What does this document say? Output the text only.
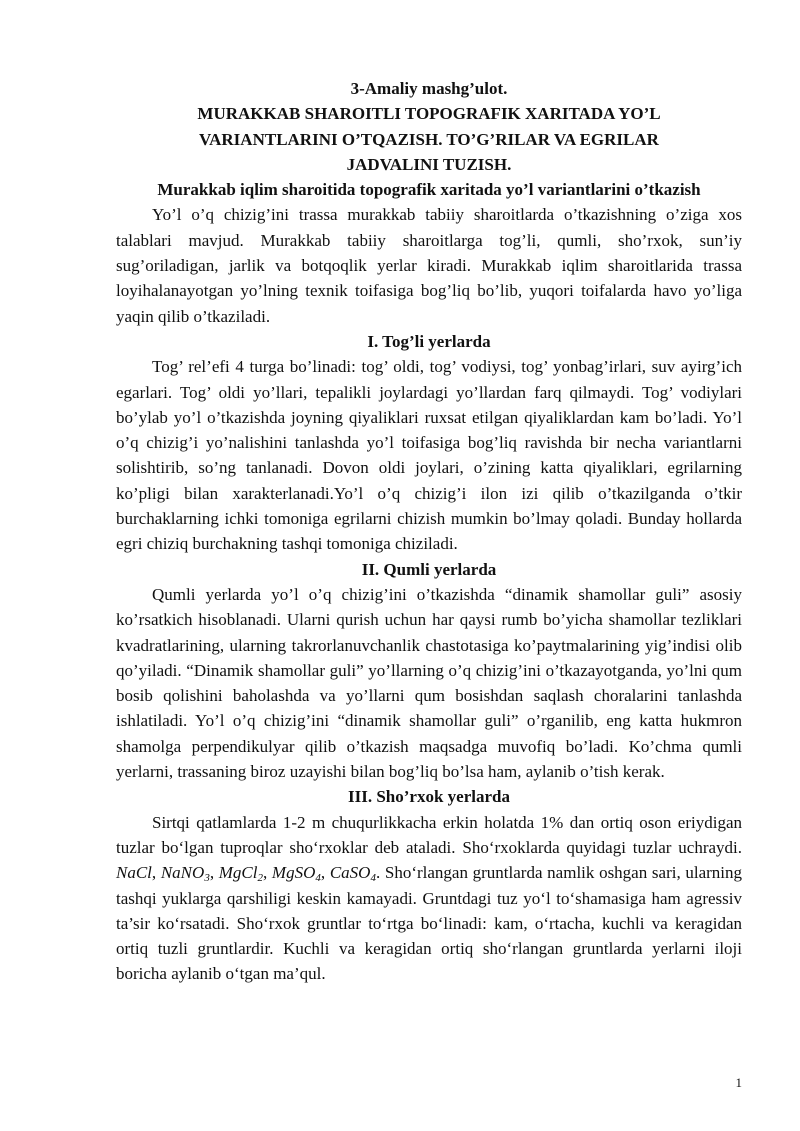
3-Amaliy mashg’ulot.
MURAKKAB SHAROITLI TOPOGRAFIK XARITADA YO’L
VARIANTLARINI O’TQAZISH. TO’G’RILAR VA EGRILAR
JADVALINI TUZISH.
Murakkab iqlim sharoitida topografik xaritada yo’l variantlarini o’tkazish

Yo’l o’q chizig’ini trassa murakkab tabiiy sharoitlarda o’tkazishning o’ziga xos talablari mavjud. Murakkab tabiiy sharoitlarga tog’li, qumli, sho’rxok, sun’iy sug’oriladigan, jarlik va botqoqlik yerlar kiradi. Murakkab iqlim sharoitlarida trassa loyihalanayotgan yo’lning texnik toifasiga bog’liq bo’lib, yuqori toifalarda havo yo’liga yaqin qilib o’tkaziladi.

I. Tog’li yerlarda

Tog’ rel’efi 4 turga bo’linadi: tog’ oldi, tog’ vodiysi, tog’ yonbag’irlari, suv ayirg’ich egarlari. Tog’ oldi yo’llari, tepalikli joylardagi yo’llardan farq qilmaydi. Tog’ vodiylari bo’ylab yo’l o’tkazishda joyning qiyaliklari ruxsat etilgan qiyaliklardan kam bo’ladi. Yo’l o’q chizig’i yo’nalishini tanlashda yo’l toifasiga bog’liq ravishda bir necha variantlarni solishtirib, so’ng tanlanadi. Dovon oldi joylari, o’zining katta qiyaliklari, egrilarning ko’pligi bilan xarakterlanadi.Yo’l o’q chizig’i ilon izi qilib o’tkazilganda o’tkir burchaklarning ichki tomoniga egrilarni chizish mumkin bo’lmay qoladi. Bunday hollarda egri chiziq burchakning tashqi tomoniga chiziladi.

II. Qumli yerlarda

Qumli yerlarda yo’l o’q chizig’ini o’tkazishda “dinamik shamollar guli” asosiy ko’rsatkich hisoblanadi. Ularni qurish uchun har qaysi rumb bo’yicha shamollar tezliklari kvadratlarining, ularning takrorlanuvchanlik chastotasiga ko’paytmalarining yig’indisi olib qo’yiladi. “Dinamik shamollar guli” yo’llarning o’q chizig’ini o’tkazayotganda, yo’lni qum bosib qolishini baholashda va yo’llarni qum bosishdan saqlash choralarini tanlashda ishlatiladi. Yo’l o’q chizig’ini “dinamik shamollar guli” o’rganilib, eng katta hukmron shamolga perpendikulyar qilib o’tkazish maqsadga muvofiq bo’ladi. Ko’chma qumli yerlarni, trassaning biroz uzayishi bilan bog’liq bo’lsa ham, aylanib o’tish kerak.

III. Sho’rxok yerlarda

Sirtqi qatlamlarda 1-2 m chuqurlikkacha erkin holatda 1% dan ortiq oson eriydigan tuzlar bo‘lgan tuproqlar sho‘rxoklar deb ataladi. Sho‘rxoklarda quyidagi tuzlar uchraydi. NaCl, NaNO$_3$, MgCl$_2$, MgSO$_4$, CaSO$_4$. Sho‘rlangan gruntlarda namlik oshgan sari, ularning tashqi yuklarga qarshiligi keskin kamayadi. Gruntdagi tuz yo‘l to‘shamasiga ham agressiv ta’sir ko‘rsatadi. Sho‘rxok gruntlar to‘rtga bo‘linadi: kam, o‘rtacha, kuchli va keragidan ortiq tuzli gruntlardir. Kuchli va keragidan ortiq sho‘rlangan gruntlarda yerlarni iloji boricha aylanib o‘tgan ma’qul.

1
